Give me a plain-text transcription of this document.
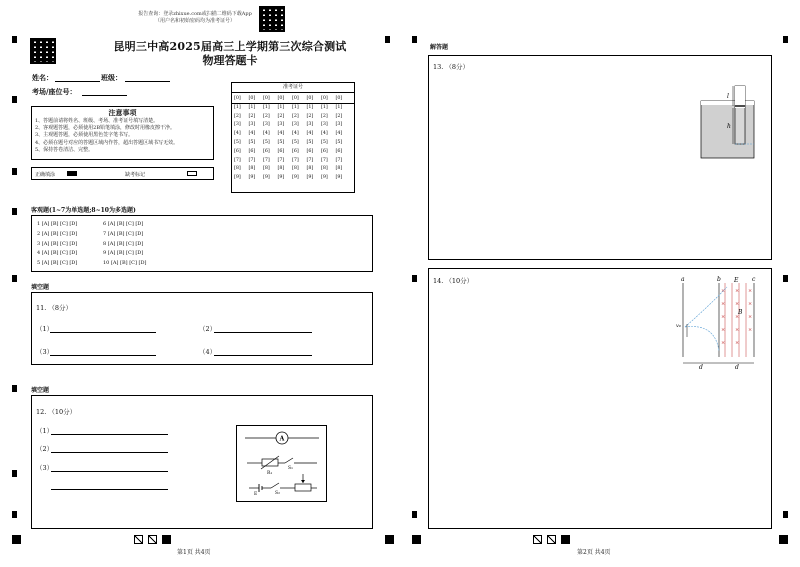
报告查询：登录zhixue.com或扫描二维码下载App
（用户名和初始密码均为准考证号）
昆明三中高2025届高三上学期第三次综合测试
物理答题卡
姓名：	班级：
考场/座位号：
注意事项
1、答题前请将姓名、班级、考场、准考证号填写清楚。
2、客观题答题，必须使用2B铅笔填涂，修改时用橡皮擦干净。
3、主观题答题，必须使用黑色签字笔书写。
4、必须在题号对应的答题区域内作答，超出答题区域书写无效。
5、保持答卷清洁、完整。
正确填涂	缺考标记
准考证号
[0]	[0]	[0]	[0]	[0]	[0]	[0]	[0]
[1]	[1]	[1]	[1]	[1]	[1]	[1]	[1]
[2]	[2]	[2]	[2]	[2]	[2]	[2]	[2]
[3]	[3]	[3]	[3]	[3]	[3]	[3]	[3]
[4]	[4]	[4]	[4]	[4]	[4]	[4]	[4]
[5]	[5]	[5]	[5]	[5]	[5]	[5]	[5]
[6]	[6]	[6]	[6]	[6]	[6]	[6]	[6]
[7]	[7]	[7]	[7]	[7]	[7]	[7]	[7]
[8]	[8]	[8]	[8]	[8]	[8]	[8]	[8]
[9]	[9]	[9]	[9]	[9]	[9]	[9]	[9]
客观题(1~7为单选题;8~10为多选题)
1 [A] [B] [C] [D]
2 [A] [B] [C] [D]
3 [A] [B] [C] [D]
4 [A] [B] [C] [D]
5 [A] [B] [C] [D]
6 [A] [B] [C] [D]
7 [A] [B] [C] [D]
8 [A] [B] [C] [D]
9 [A] [B] [C] [D]
10 [A] [B] [C] [D]
填空题
11. （8分）
（1）	（2）
（3）	（4）
填空题
12. （10分）
（1）
（2）
（3）
A
R₁
S₁
E	S₂
解答题
13. （8分）
l
h
14. （10分）
× × ×
× × ×
× × ×
× × ×
× ×
a	b	c
E
B
v₀
d	d
第1页 共4页	第2页 共4页
